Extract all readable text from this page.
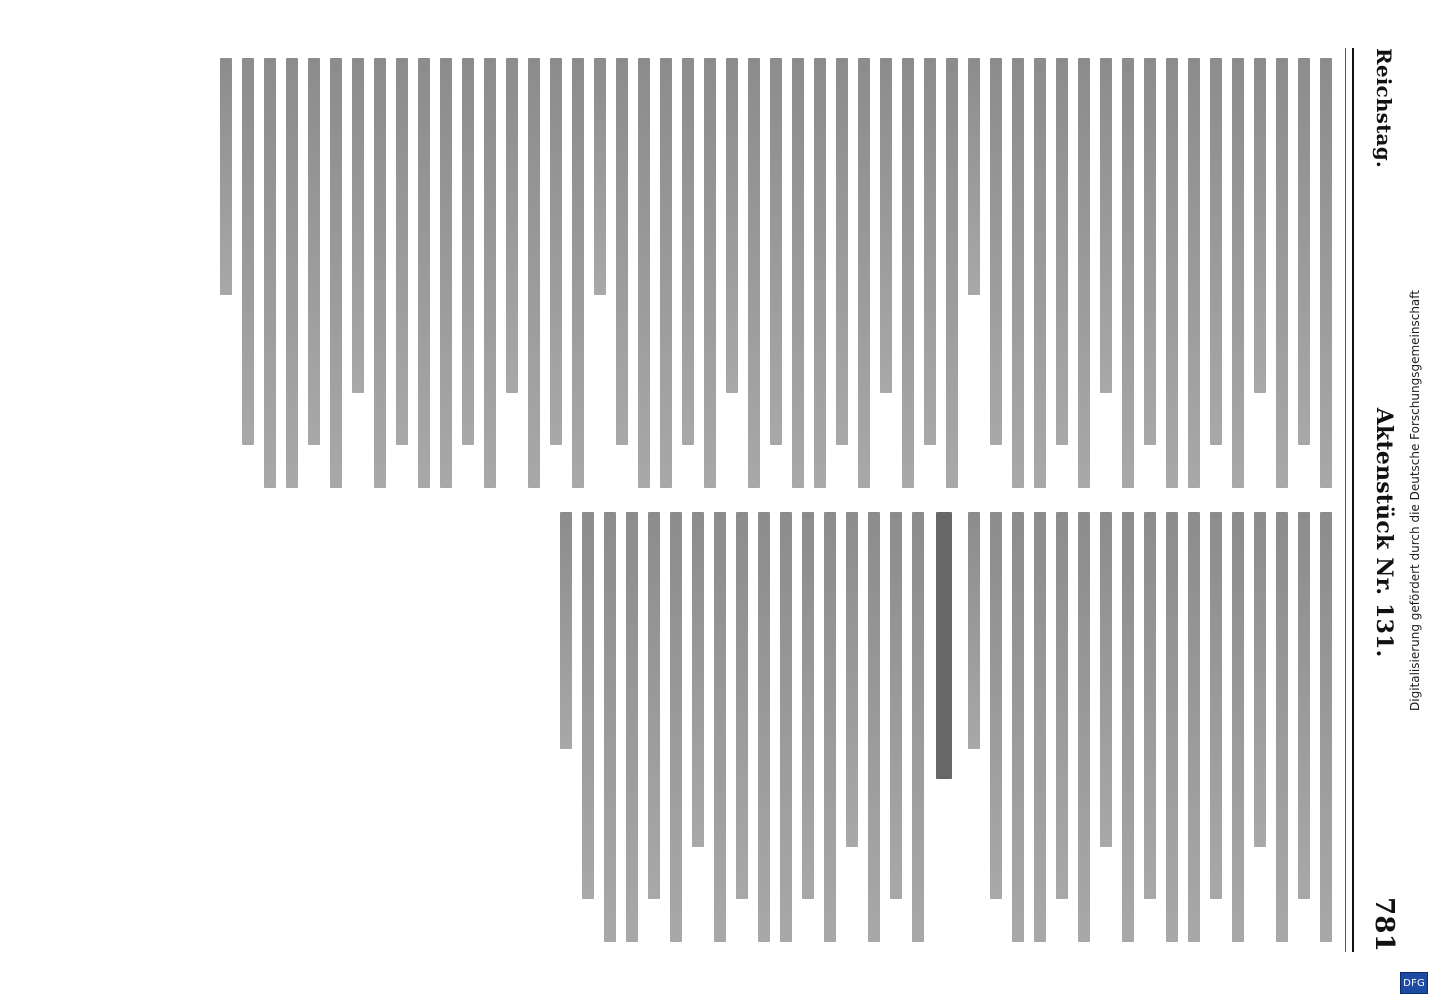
Reichstag.
Aktenstück Nr. 131.
781
Digitalisierung gefördert durch die Deutsche Forschungsgemeinschaft
DFG
